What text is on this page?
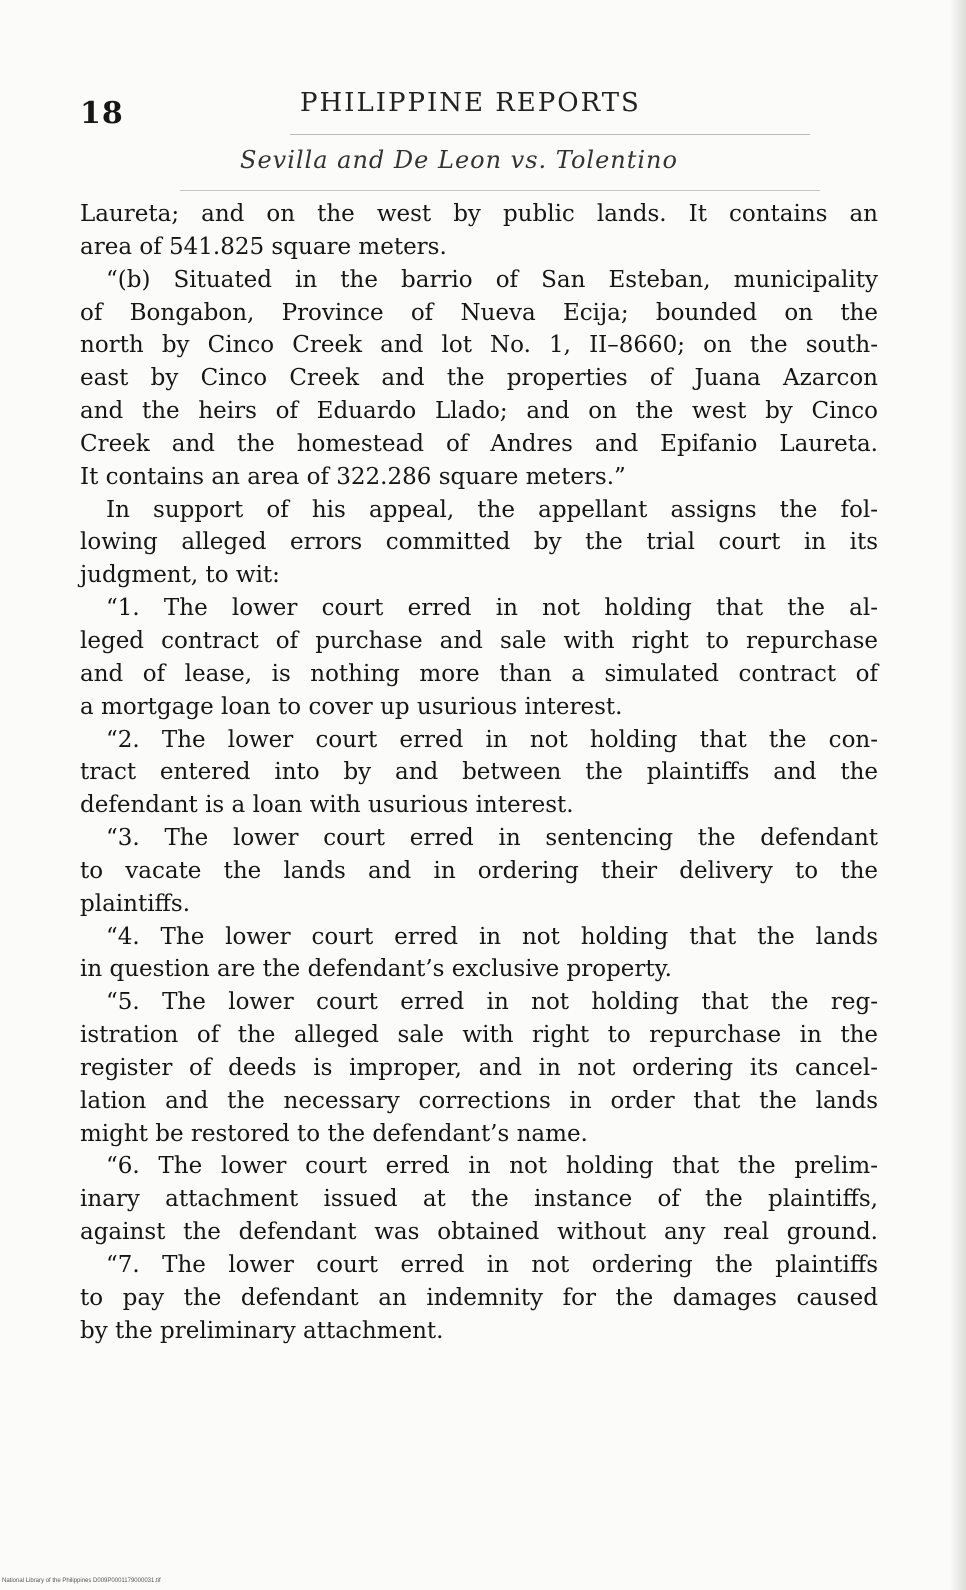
18	PHILIPPINE REPORTS
Sevilla and De Leon vs. Tolentino
Laureta; and on the west by public lands. It contains an
area of 541.825 square meters.
“(b) Situated in the barrio of San Esteban, municipality
of Bongabon, Province of Nueva Ecija; bounded on the
north by Cinco Creek and lot No. 1, II–8660; on the south-
east by Cinco Creek and the properties of Juana Azarcon
and the heirs of Eduardo Llado; and on the west by Cinco
Creek and the homestead of Andres and Epifanio Laureta.
It contains an area of 322.286 square meters.”
In support of his appeal, the appellant assigns the fol-
lowing alleged errors committed by the trial court in its
judgment, to wit:
“1. The lower court erred in not holding that the al-
leged contract of purchase and sale with right to repurchase
and of lease, is nothing more than a simulated contract of
a mortgage loan to cover up usurious interest.
“2. The lower court erred in not holding that the con-
tract entered into by and between the plaintiffs and the
defendant is a loan with usurious interest.
“3. The lower court erred in sentencing the defendant
to vacate the lands and in ordering their delivery to the
plaintiffs.
“4. The lower court erred in not holding that the lands
in question are the defendant’s exclusive property.
“5. The lower court erred in not holding that the reg-
istration of the alleged sale with right to repurchase in the
register of deeds is improper, and in not ordering its cancel-
lation and the necessary corrections in order that the lands
might be restored to the defendant’s name.
“6. The lower court erred in not holding that the prelim-
inary attachment issued at the instance of the plaintiffs,
against the defendant was obtained without any real ground.
“7. The lower court erred in not ordering the plaintiffs
to pay the defendant an indemnity for the damages caused
by the preliminary attachment.
National Library of the Philippines D009P0001179000031.tif
